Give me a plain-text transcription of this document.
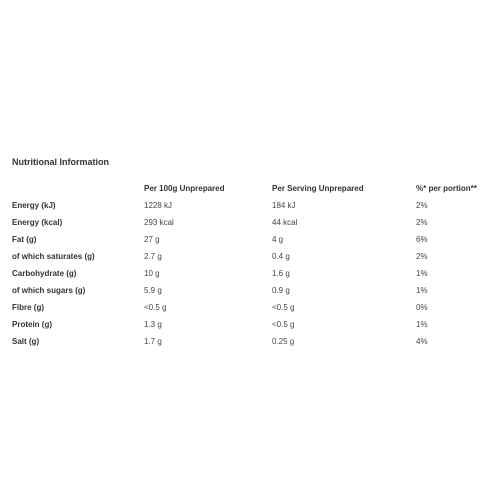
Nutritional Information
	Per 100g Unprepared	Per Serving Unprepared	%* per portion**
Energy (kJ)	1228 kJ	184 kJ	2%
Energy (kcal)	293 kcal	44 kcal	2%
Fat (g)	27 g	4 g	6%
of which saturates (g)	2.7 g	0.4 g	2%
Carbohydrate (g)	10 g	1.6 g	1%
of which sugars (g)	5.9 g	0.9 g	1%
Fibre (g)	<0.5 g	<0.5 g	0%
Protein (g)	1.3 g	<0.5 g	1%
Salt (g)	1.7 g	0.25 g	4%
